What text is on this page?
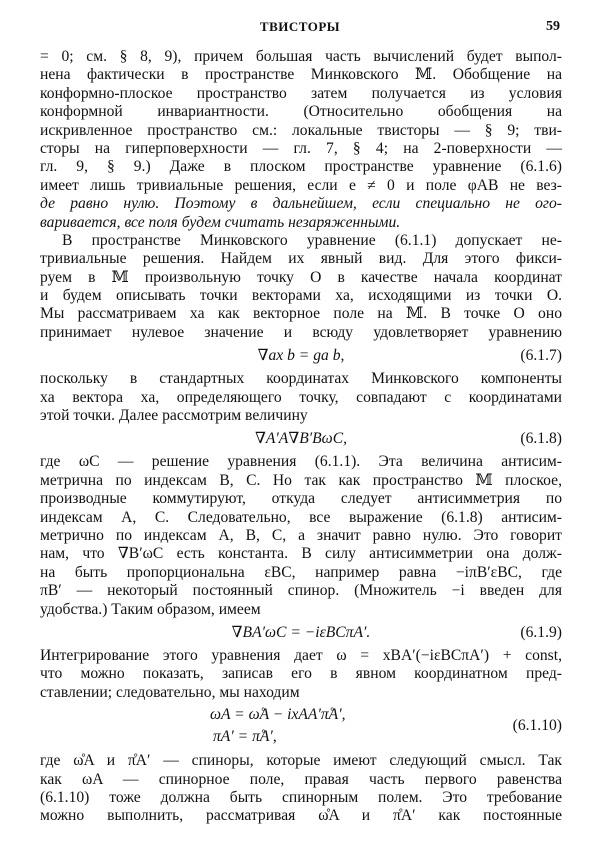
ТВИСТОРЫ	59
= 0; см. § 8, 9), причем большая часть вычислений будет выпол-
нена фактически в пространстве Минковского 𝕄. Обобщение на
конформно-плоское пространство затем получается из условия
конформной инвариантности. (Относительно обобщения на
искривленное пространство см.: локальные твисторы — § 9; тви-
сторы на гиперповерхности — гл. 7, § 4; на 2-поверхности —
гл. 9, § 9.) Даже в плоском пространстве уравнение (6.1.6)
имеет лишь тривиальные решения, если e ≠ 0 и поле φAB не вез-
де равно нулю. Поэтому в дальнейшем, если специально не ого-
варивается, все поля будем считать незаряженными.
В пространстве Минковского уравнение (6.1.1) допускает не-
тривиальные решения. Найдем их явный вид. Для этого фикси-
руем в 𝕄 произвольную точку O в качестве начала координат
и будем описывать точки векторами xa, исходящими из точки O.
Мы рассматриваем xa как векторное поле на 𝕄. В точке O оно
принимает нулевое значение и всюду удовлетворяет уравнению
∇ax b = ga b,	(6.1.7)
поскольку в стандартных координатах Минковского компоненты
xa вектора xa, определяющего точку, совпадают с координатами
этой точки. Далее рассмотрим величину
∇A′A∇B′BωC,	(6.1.8)
где ωC — решение уравнения (6.1.1). Эта величина антисим-
метрична по индексам B, C. Но так как пространство 𝕄 плоское,
производные коммутируют, откуда следует антисимметрия по
индексам A, C. Следовательно, все выражение (6.1.8) антисим-
метрично по индексам A, B, C, а значит равно нулю. Это говорит
нам, что ∇B′ωC есть константа. В силу антисимметрии она долж-
на быть пропорциональна εBC, например равна −iπB′εBC, где
πB′ — некоторый постоянный спинор. (Множитель −i введен для
удобства.) Таким образом, имеем
∇BA′ωC = −iεBCπA′.	(6.1.9)
Интегрирование этого уравнения дает ω = xBA′(−iεBCπA′) + const,
что можно показать, записав его в явном координатном пред-
ставлении; следовательно, мы находим
ωA = ω̊A − ixAA′π̊A′,
πA′ = π̊A′,
(6.1.10)
где ω̊A и π̊A′ — спиноры, которые имеют следующий смысл. Так
как ωA — спинорное поле, правая часть первого равенства
(6.1.10) тоже должна быть спинорным полем. Это требование
можно выполнить, рассматривая ω̊A и π̊A′ как постоянные
